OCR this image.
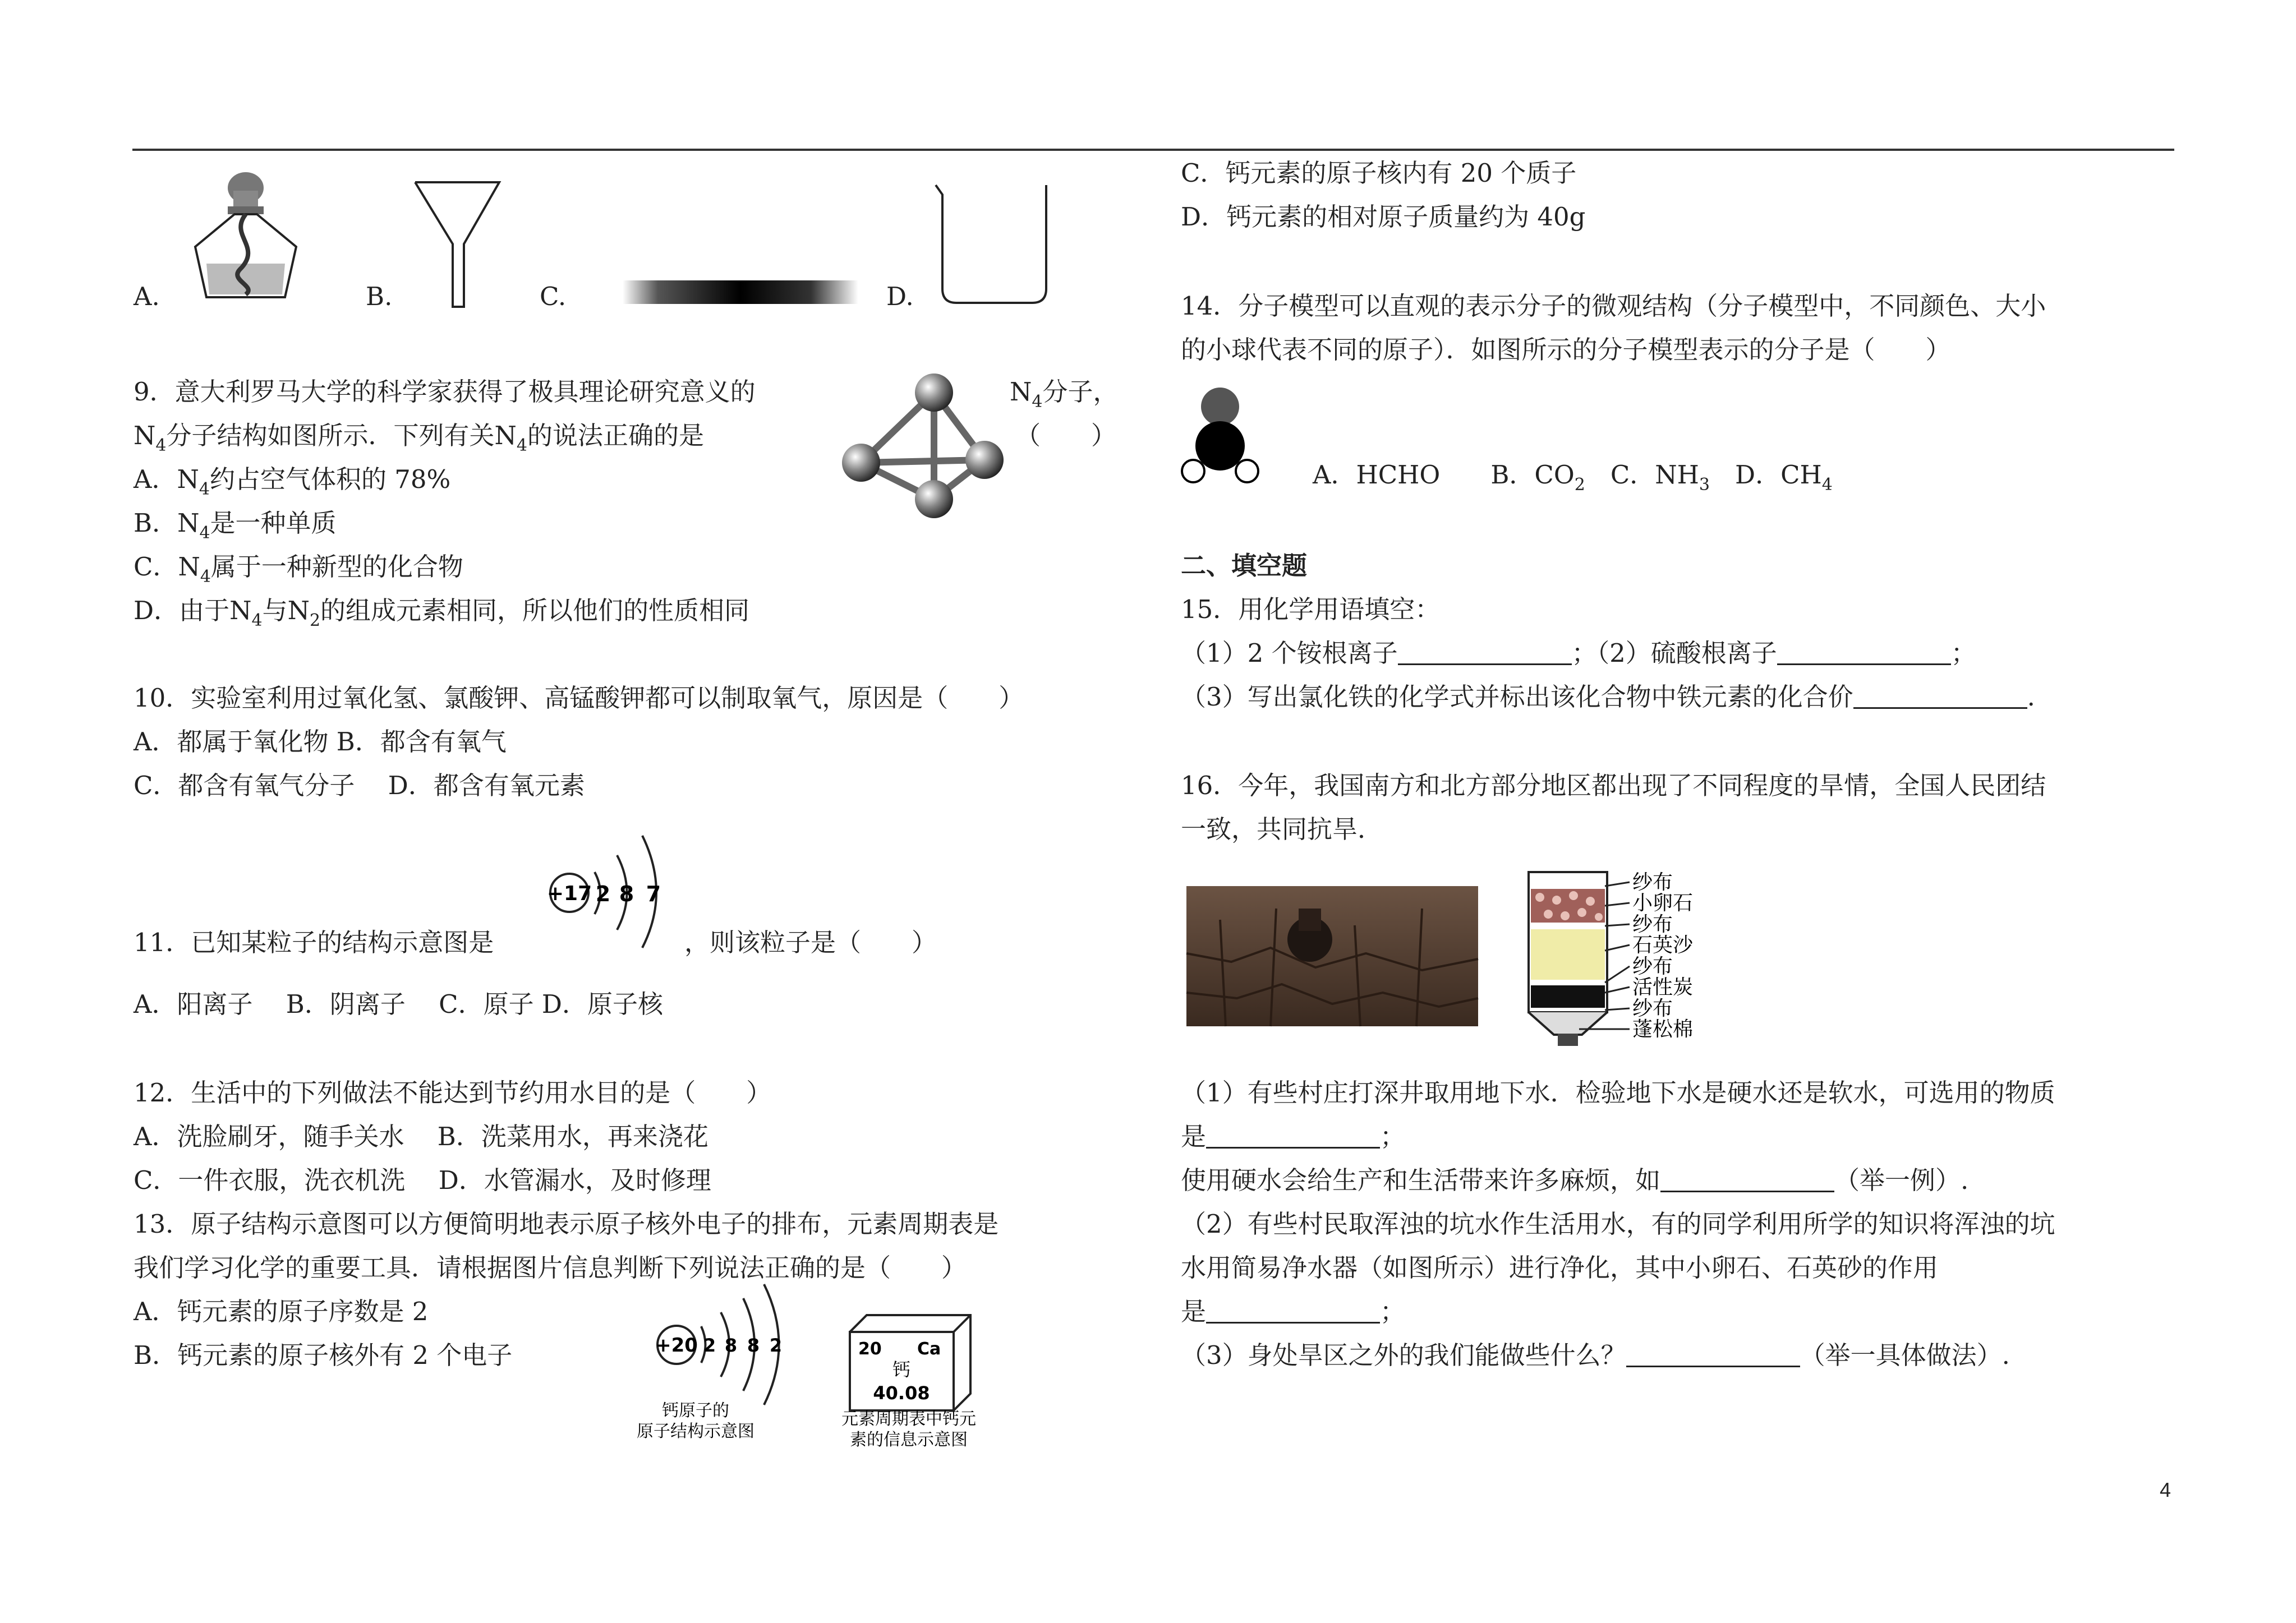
A.	B.	C.	D.
9．意大利罗马大学的科学家获得了极具理论研究意义的	$N_4$分子，
$N_4$分子结构如图所示．下列有关$N_4$的说法正确的是	（　　）
A．$N_4$约占空气体积的 78%
B．$N_4$是一种单质
C．$N_4$属于一种新型的化合物
D．由于$N_4$与$N_2$的组成元素相同，所以他们的性质相同
10．实验室利用过氧化氢、氯酸钾、高锰酸钾都可以制取氧气，原因是（　　）
A．都属于氧化物 B．都含有氧气
C．都含有氧气分子　 D．都含有氧元素
+17 2 8 7
11．已知某粒子的结构示意图是	，则该粒子是（　　）
A．阳离子　 B．阴离子　 C．原子 D．原子核
12．生活中的下列做法不能达到节约用水目的是（　　）
A．洗脸刷牙，随手关水　 B．洗菜用水，再来浇花
C．一件衣服，洗衣机洗　 D．水管漏水，及时修理
13．原子结构示意图可以方便简明地表示原子核外电子的排布，元素周期表是
我们学习化学的重要工具．请根据图片信息判断下列说法正确的是（　　）
A．钙元素的原子序数是 2
B．钙元素的原子核外有 2 个电子	+20 2 8 8 2
钙原子的
原子结构示意图
20 Ca
钙
40.08
元素周期表中钙元
素的信息示意图
C．钙元素的原子核内有 20 个质子
D．钙元素的相对原子质量约为 40g
14．分子模型可以直观的表示分子的微观结构（分子模型中，不同颜色、大小
的小球代表不同的原子）．如图所示的分子模型表示的分子是（　　）
A．HCHO　　 B．$CO_2$　 C．$NH_3$　 D．$CH_4$
二、填空题
15．用化学用语填空：
（1）2 个铵根离子	；（2）硫酸根离子	；
（3）写出氯化铁的化学式并标出该化合物中铁元素的化合价	.
16．今年，我国南方和北方部分地区都出现了不同程度的旱情，全国人民团结
一致，共同抗旱．
纱布
小卵石
纱布
石英沙
纱布
活性炭
纱布
蓬松棉
（1）有些村庄打深井取用地下水．检验地下水是硬水还是软水，可选用的物质
是	；
使用硬水会给生产和生活带来许多麻烦，如	（举一例）.
（2）有些村民取浑浊的坑水作生活用水，有的同学利用所学的知识将浑浊的坑
水用简易净水器（如图所示）进行净化，其中小卵石、石英砂的作用
是	；
（3）身处旱区之外的我们能做些什么？	（举一具体做法）.
4
